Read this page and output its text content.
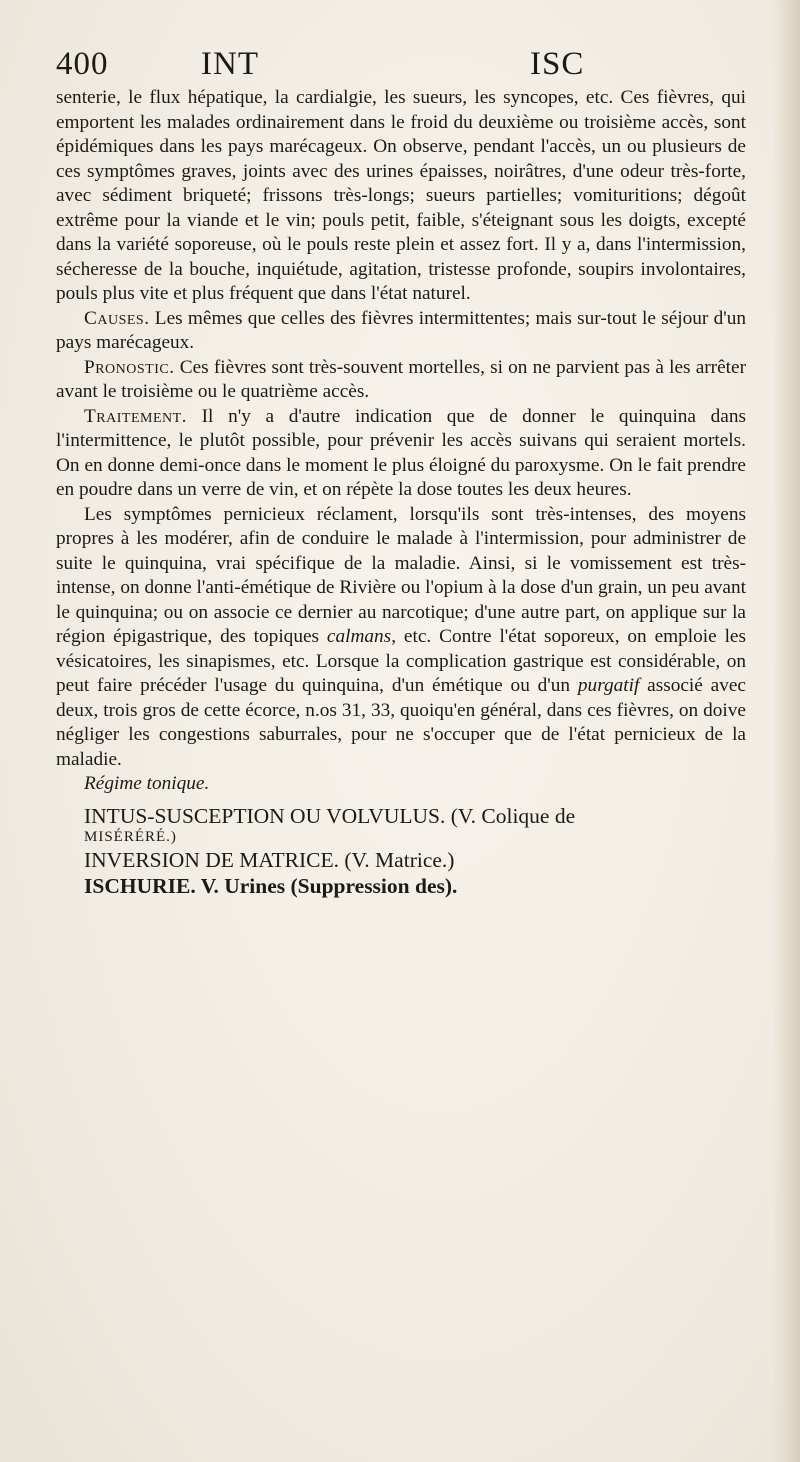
400	INT	ISC

senterie, le flux hépatique, la cardialgie, les sueurs, les syncopes, etc. Ces fièvres, qui emportent les malades ordinairement dans le froid du deuxième ou troisième accès, sont épidémiques dans les pays marécageux. On observe, pendant l'accès, un ou plusieurs de ces symptômes graves, joints avec des urines épaisses, noirâtres, d'une odeur très-forte, avec sédiment briqueté; frissons très-longs; sueurs partielles; vomituritions; dégoût extrême pour la viande et le vin; pouls petit, faible, s'éteignant sous les doigts, excepté dans la variété soporeuse, où le pouls reste plein et assez fort. Il y a, dans l'intermission, sécheresse de la bouche, inquiétude, agitation, tristesse profonde, soupirs involontaires, pouls plus vite et plus fréquent que dans l'état naturel.

Causes. Les mêmes que celles des fièvres intermittentes; mais sur-tout le séjour d'un pays marécageux.

Pronostic. Ces fièvres sont très-souvent mortelles, si on ne parvient pas à les arrêter avant le troisième ou le quatrième accès.

Traitement. Il n'y a d'autre indication que de donner le quinquina dans l'intermittence, le plutôt possible, pour prévenir les accès suivans qui seraient mortels. On en donne demi-once dans le moment le plus éloigné du paroxysme. On le fait prendre en poudre dans un verre de vin, et on répète la dose toutes les deux heures.

Les symptômes pernicieux réclament, lorsqu'ils sont très-intenses, des moyens propres à les modérer, afin de conduire le malade à l'intermission, pour administrer de suite le quinquina, vrai spécifique de la maladie. Ainsi, si le vomissement est très-intense, on donne l'anti-émétique de Rivière ou l'opium à la dose d'un grain, un peu avant le quinquina; ou on associe ce dernier au narcotique; d'une autre part, on applique sur la région épigastrique, des topiques calmans, etc. Contre l'état soporeux, on emploie les vésicatoires, les sinapismes, etc. Lorsque la complication gastrique est considérable, on peut faire précéder l'usage du quinquina, d'un émétique ou d'un purgatif associé avec deux, trois gros de cette écorce, n.os 31, 33, quoiqu'en général, dans ces fièvres, on doive négliger les congestions saburrales, pour ne s'occuper que de l'état pernicieux de la maladie.

Régime tonique.

INTUS-SUSCEPTION OU VOLVULUS. (V. Colique de
MISÉRÉRÉ.)

INVERSION DE MATRICE. (V. Matrice.)

ISCHURIE. V. Urines (Suppression des).
